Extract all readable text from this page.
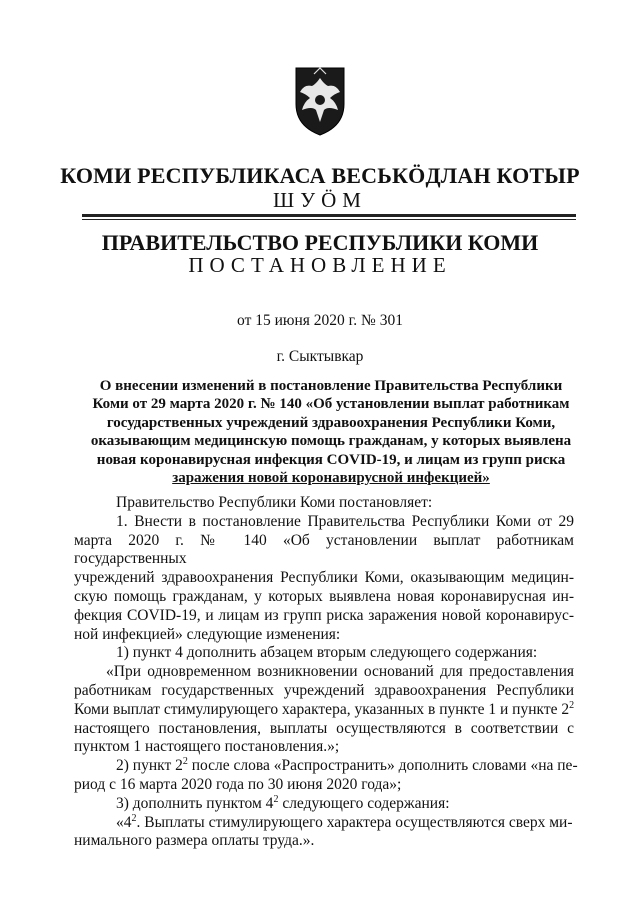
КОМИ РЕСПУБЛИКАСА ВЕСЬКÖДЛАН КОТЫР
ШУÖМ
ПРАВИТЕЛЬСТВО РЕСПУБЛИКИ КОМИ
ПОСТАНОВЛЕНИЕ
от 15 июня 2020 г. № 301
г. Сыктывкар
О внесении изменений в постановление Правительства Республики
Коми от 29 марта 2020 г. № 140 «Об установлении выплат работникам
государственных учреждений здравоохранения Республики Коми,
оказывающим медицинскую помощь гражданам, у которых выявлена
новая коронавирусная инфекция COVID-19, и лицам из групп риска
заражения новой коронавирусной инфекцией»
Правительство Республики Коми постановляет:
1. Внести в постановление Правительства Республики Коми от 29
марта 2020 г. № 140 «Об установлении выплат работникам государственных
учреждений здравоохранения Республики Коми, оказывающим медицин-
скую помощь гражданам, у которых выявлена новая коронавирусная ин-
фекция COVID-19, и лицам из групп риска заражения новой коронавирус-
ной инфекцией» следующие изменения:
1) пункт 4 дополнить абзацем вторым следующего содержания:
«При одновременном возникновении оснований для предоставления
работникам государственных учреждений здравоохранения Республики
Коми выплат стимулирующего характера, указанных в пункте 1 и пункте $2^2$
настоящего постановления, выплаты осуществляются в соответствии с
пунктом 1 настоящего постановления.»;
2) пункт $2^2$ после слова «Распространить» дополнить словами «на пе-
риод с 16 марта 2020 года по 30 июня 2020 года»;
3) дополнить пунктом $4^2$ следующего содержания:
«$4^2$. Выплаты стимулирующего характера осуществляются сверх ми-
нимального размера оплаты труда.».
